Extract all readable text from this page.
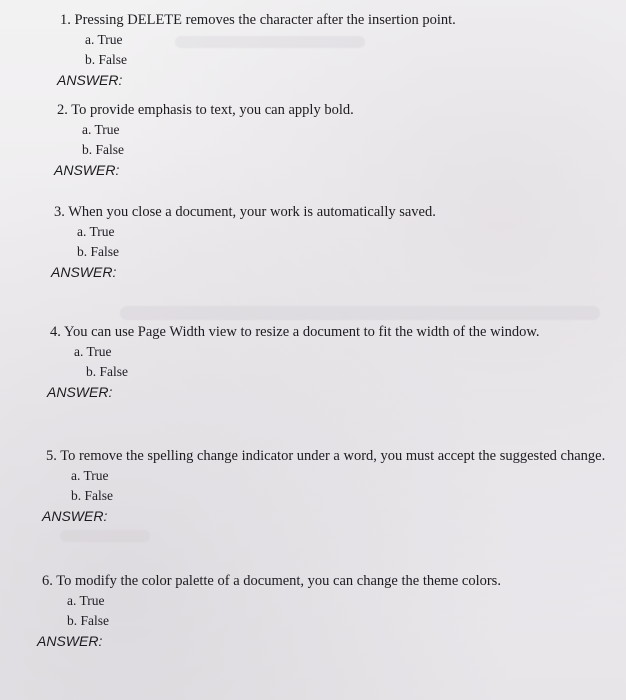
1. Pressing DELETE removes the character after the insertion point.
a. True
b. False
ANSWER:
2. To provide emphasis to text, you can apply bold.
a. True
b. False
ANSWER:
3. When you close a document, your work is automatically saved.
a. True
b. False
ANSWER:
4. You can use Page Width view to resize a document to fit the width of the window.
a. True
b. False
ANSWER:
5. To remove the spelling change indicator under a word, you must accept the suggested change.
a. True
b. False
ANSWER:
6. To modify the color palette of a document, you can change the theme colors.
a. True
b. False
ANSWER:
